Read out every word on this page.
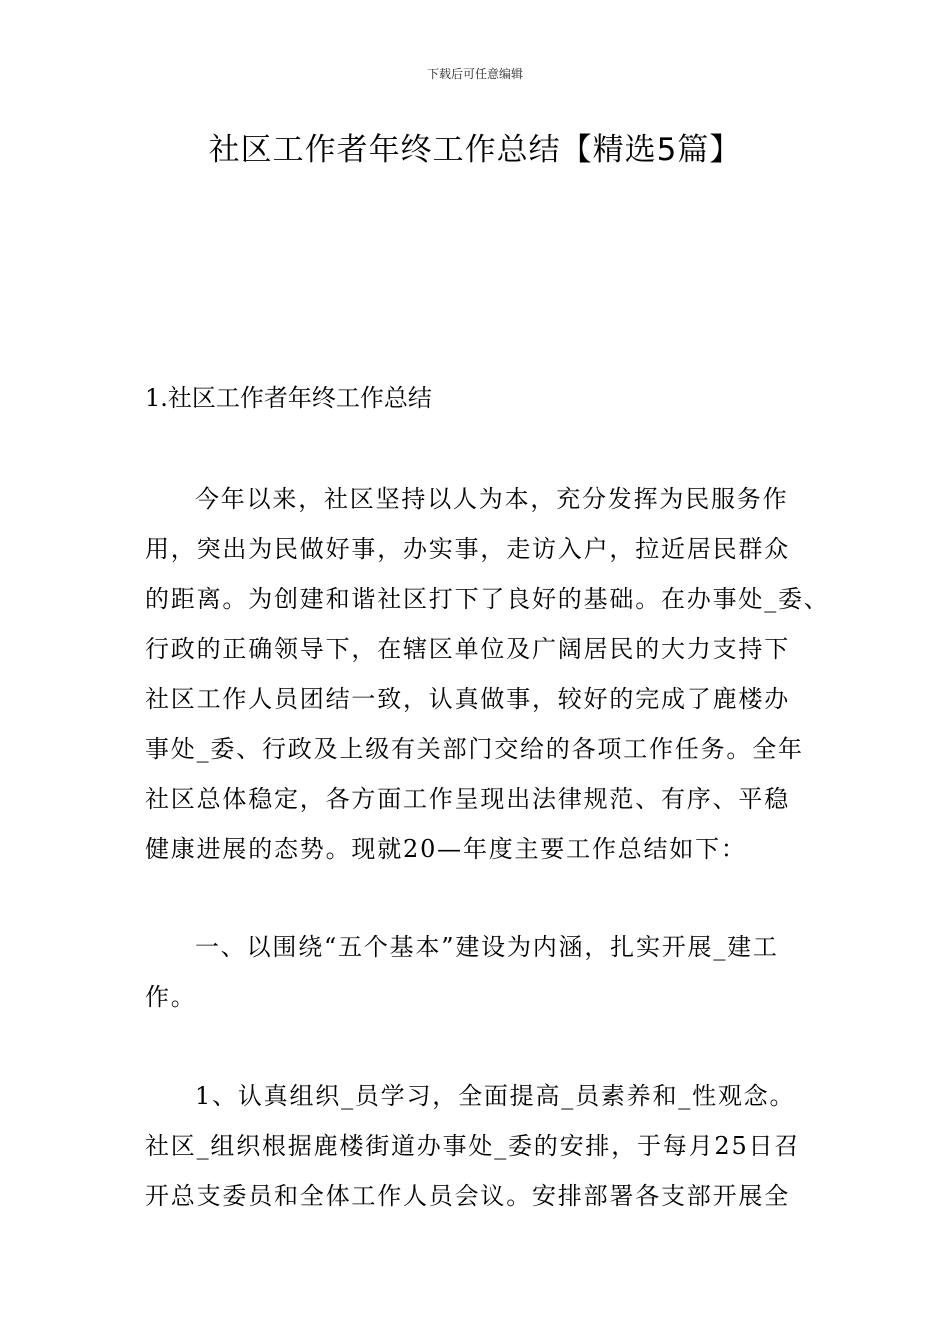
下载后可任意编辑
社区工作者年终工作总结【精选5篇】
1.社区工作者年终工作总结
今年以来，社区坚持以人为本，充分发挥为民服务作
用，突出为民做好事，办实事，走访入户，拉近居民群众
的距离。为创建和谐社区打下了良好的基础。在办事处_委、
行政的正确领导下，在辖区单位及广阔居民的大力支持下
社区工作人员团结一致，认真做事，较好的完成了鹿楼办
事处_委、行政及上级有关部门交给的各项工作任务。全年
社区总体稳定，各方面工作呈现出法律规范、有序、平稳
健康进展的态势。现就20—年度主要工作总结如下：
一、以围绕“五个基本”建设为内涵，扎实开展_建工
作。
1、认真组织_员学习，全面提高_员素养和_性观念。
社区_组织根据鹿楼街道办事处_委的安排，于每月25日召
开总支委员和全体工作人员会议。安排部署各支部开展全
